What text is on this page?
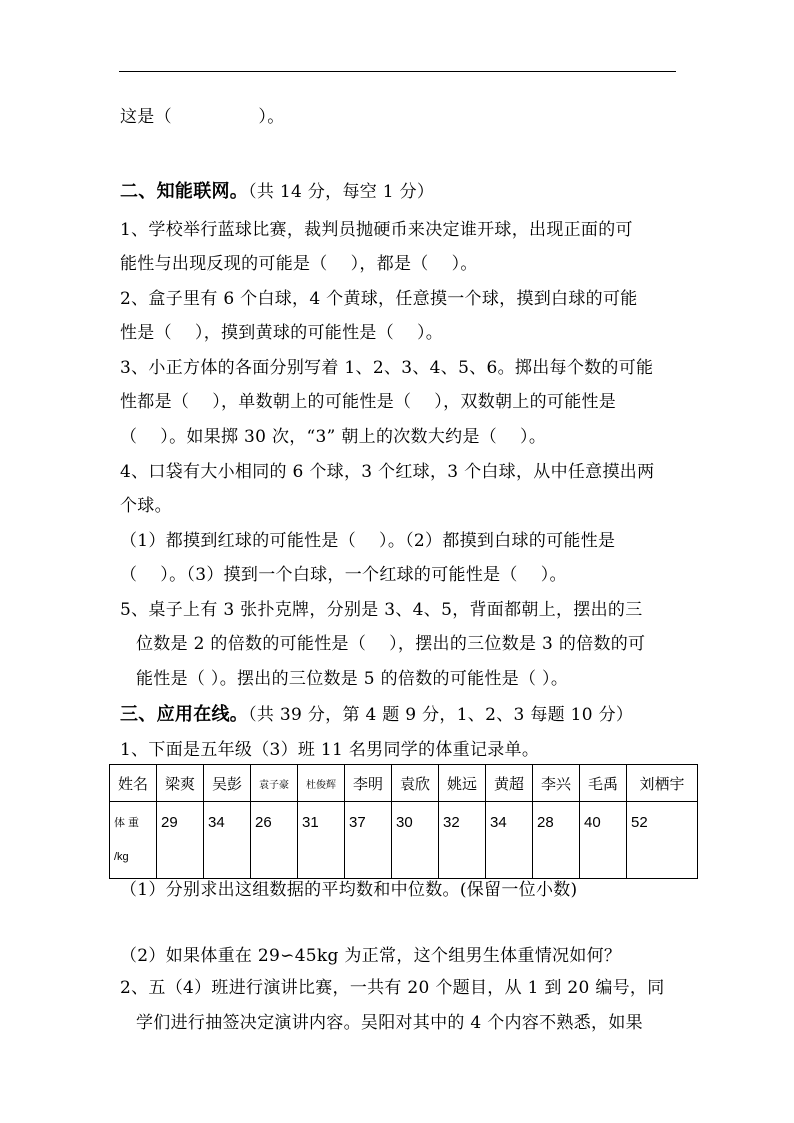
这是（　　　　　）。
二、知能联网。（共 14 分，每空 1 分）
1、学校举行蓝球比赛，裁判员抛硬币来决定谁开球，出现正面的可
能性与出现反现的可能是（　 ），都是（　 ）。
2、盒子里有 6 个白球，4 个黄球，任意摸一个球，摸到白球的可能
性是（　 ），摸到黄球的可能性是（　 ）。
3、小正方体的各面分别写着 1、2、3、4、5、6。掷出每个数的可能
性都是（　 ），单数朝上的可能性是（　 ），双数朝上的可能性是
（　 ）。如果掷 30 次，“3” 朝上的次数大约是（　 ）。
4、口袋有大小相同的 6 个球，3 个红球，3 个白球，从中任意摸出两
个球。
（1）都摸到红球的可能性是（　 ）。（2）都摸到白球的可能性是
（　 ）。（3）摸到一个白球，一个红球的可能性是（　 ）。
5、桌子上有 3 张扑克牌，分别是 3、4、5，背面都朝上，摆出的三
位数是 2 的倍数的可能性是（　 ），摆出的三位数是 3 的倍数的可
能性是（ ）。摆出的三位数是 5 的倍数的可能性是（ ）。
三、应用在线。（共 39 分，第 4 题 9 分，1、2、3 每题 10 分）
1、下面是五年级（3）班 11 名男同学的体重记录单。
姓名	梁爽	吴彭	袁子豪	杜俊辉	李明	袁欣	姚远	黄超	李兴	毛禹	刘栖宇
体 重 /kg	29	34	26	31	37	30	32	34	28	40	52
（1）分别求出这组数据的平均数和中位数。(保留一位小数)
（2）如果体重在 29∽45kg 为正常，这个组男生体重情况如何？
2、五（4）班进行演讲比赛，一共有 20 个题目，从 1 到 20 编号，同
学们进行抽签决定演讲内容。吴阳对其中的 4 个内容不熟悉，如果
